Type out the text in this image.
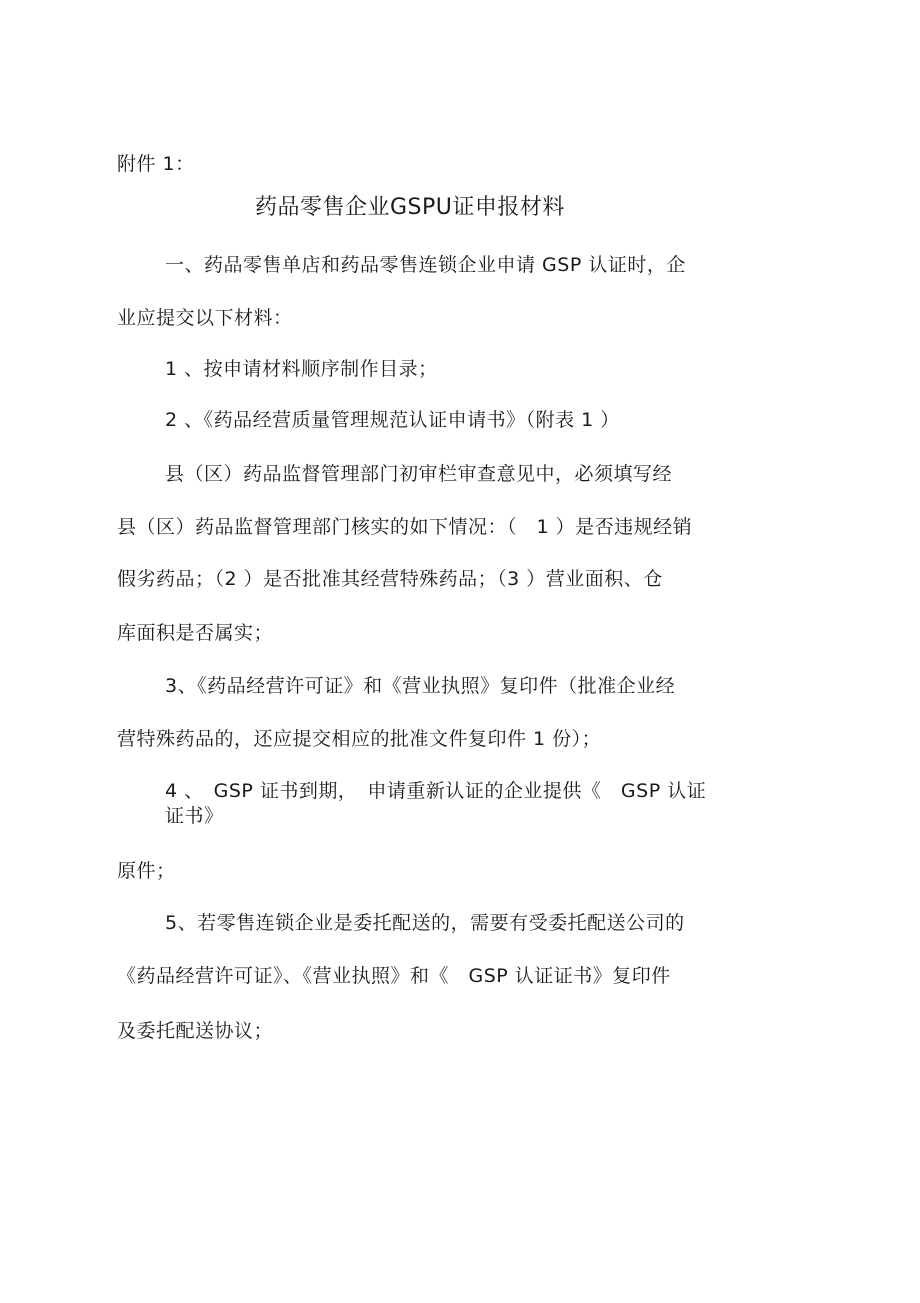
附件 1：
药品零售企业GSPU证申报材料
一、药品零售单店和药品零售连锁企业申请 GSP 认证时，企
业应提交以下材料：
1 、按申请材料顺序制作目录；
2 、《药品经营质量管理规范认证申请书》（附表 1 ）
县（区）药品监督管理部门初审栏审查意见中，必须填写经
县（区）药品监督管理部门核实的如下情况：（　1 ）是否违规经销
假劣药品；（2 ）是否批准其经营特殊药品；（3 ）营业面积、仓
库面积是否属实；
3、《药品经营许可证》和《营业执照》复印件（批准企业经
营特殊药品的，还应提交相应的批准文件复印件 1 份）；
4 、　GSP 证书到期，　申请重新认证的企业提供《　GSP 认证
证书》
原件；
5、若零售连锁企业是委托配送的，需要有受委托配送公司的
《药品经营许可证》、《营业执照》和《　GSP 认证证书》复印件
及委托配送协议；
